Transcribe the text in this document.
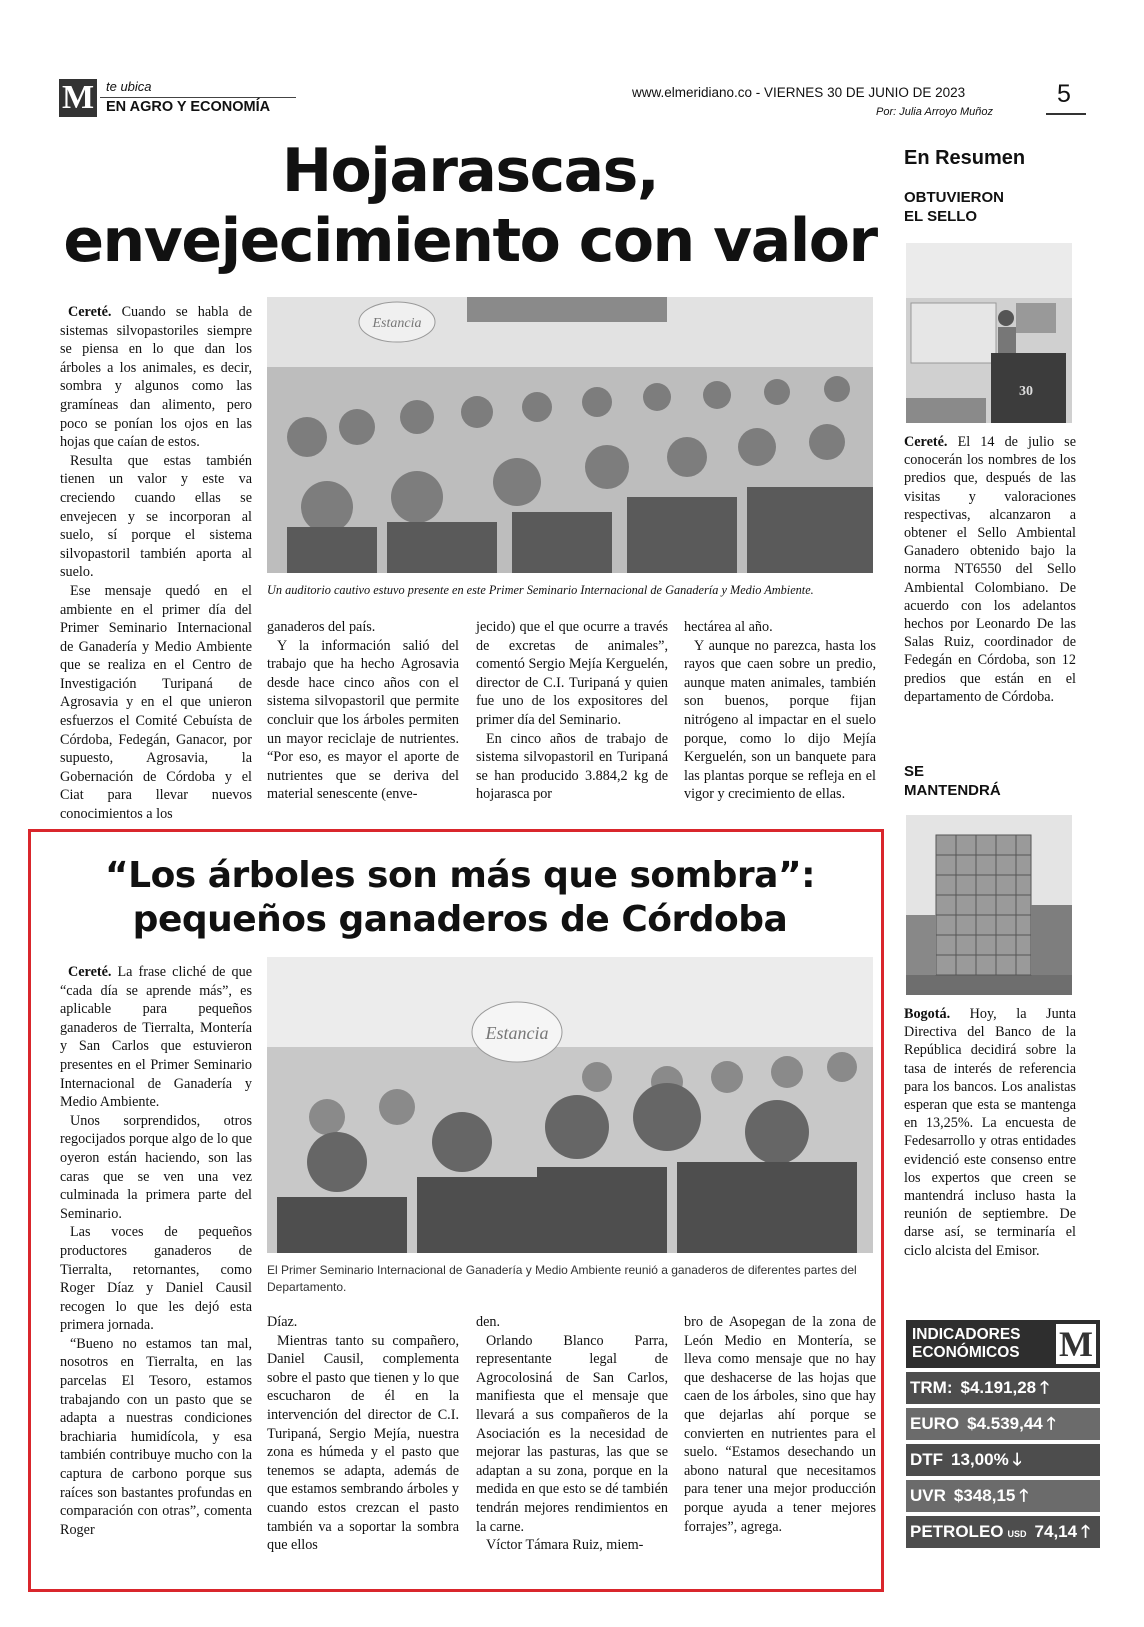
M te ubica
EN AGRO Y ECONOMÍA
www.elmeridiano.co - VIERNES 30 DE JUNIO DE 2023
Por: Julia Arroyo Muñoz
5
Hojarascas,
envejecimiento con valor
Estancia
Un auditorio cautivo estuvo presente en este Primer Seminario Internacional de Ganadería y Medio Ambiente.

Cereté. Cuando se habla de sistemas silvopastoriles siempre se piensa en lo que dan los árboles a los animales, es decir, sombra y algunos como las gramíneas dan alimento, pero poco se ponían los ojos en las hojas que caían de estos.

Resulta que estas también tienen un valor y este va creciendo cuando ellas se envejecen y se incorporan al suelo, sí porque el sistema silvopastoril también aporta al suelo.

Ese mensaje quedó en el ambiente en el primer día del Primer Seminario Internacional de Ganadería y Medio Ambiente que se realiza en el Centro de Investigación Turipaná de Agrosavia y en el que unieron esfuerzos el Comité Cebuísta de Córdoba, Fedegán, Ganacor, por supuesto, Agrosavia, la Gobernación de Córdoba y el Ciat para llevar nuevos conocimientos a los

ganaderos del país.

Y la información salió del trabajo que ha hecho Agrosavia desde hace cinco años con el sistema silvopastoril que permite concluir que los árboles permiten un mayor reciclaje de nutrientes. “Por eso, es mayor el aporte de nutrientes que se deriva del material senescente (enve-

jecido) que el que ocurre a través de excretas de animales”, comentó Sergio Mejía Kerguelén, director de C.I. Turipaná y quien fue uno de los expositores del primer día del Seminario.

En cinco años de trabajo de sistema silvopastoril en Turipaná se han producido 3.884,2 kg de hojarasca por

hectárea al año.

Y aunque no parezca, hasta los rayos que caen sobre un predio, aunque maten animales, también son buenos, porque fijan nitrógeno al impactar en el suelo porque, como lo dijo Mejía Kerguelén, son un banquete para las plantas porque se refleja en el vigor y crecimiento de ellas.

“Los árboles son más que sombra”:
pequeños ganaderos de Córdoba
Estancia
El Primer Seminario Internacional de Ganadería y Medio Ambiente reunió a ganaderos de diferentes partes del Departamento.

Cereté. La frase cliché de que “cada día se aprende más”, es aplicable para pequeños ganaderos de Tierralta, Montería y San Carlos que estuvieron presentes en el Primer Seminario Internacional de Ganadería y Medio Ambiente.

Unos sorprendidos, otros regocijados porque algo de lo que oyeron están haciendo, son las caras que se ven una vez culminada la primera parte del Seminario.

Las voces de pequeños productores ganaderos de Tierralta, retornantes, como Roger Díaz y Daniel Causil recogen lo que les dejó esta primera jornada.

“Bueno no estamos tan mal, nosotros en Tierralta, en las parcelas El Tesoro, estamos trabajando con un pasto que se adapta a nuestras condiciones brachiaria humidícola, y esa también contribuye mucho con la captura de carbono porque sus raíces son bastantes profundas en comparación con otras”, comenta Roger

Díaz.

Mientras tanto su compañero, Daniel Causil, complementa sobre el pasto que tienen y lo que escucharon de él en la intervención del director de C.I. Turipaná, Sergio Mejía, nuestra zona es húmeda y el pasto que tenemos se adapta, además de que estamos sembrando árboles y cuando estos crezcan el pasto también va a soportar la sombra que ellos

den.

Orlando Blanco Parra, representante legal de Agrocolosiná de San Carlos, manifiesta que el mensaje que llevará a sus compañeros de la Asociación es la necesidad de mejorar las pasturas, las que se adaptan a su zona, porque en la medida en que esto se dé también tendrán mejores rendimientos en la carne.

Víctor Támara Ruiz, miem-

bro de Asopegan de la zona de León Medio en Montería, se lleva como mensaje que no hay que deshacerse de las hojas que caen de los árboles, sino que hay que dejarlas ahí porque se convierten en nutrientes para el suelo. “Estamos desechando un abono natural que necesitamos para tener una mejor producción porque ayuda a tener mejores forrajes”, agrega.

En Resumen
OBTUVIERON
EL SELLO
30
Cereté. El 14 de julio se conocerán los nombres de los predios que, después de las visitas y valoraciones respectivas, alcanzaron a obtener el Sello Ambiental Ganadero obtenido bajo la norma NT6550 del Sello Ambiental Colombiano. De acuerdo con los adelantos hechos por Leonardo De las Salas Ruiz, coordinador de Fedegán en Córdoba, son 12 predios que están en el departamento de Córdoba.
SE
MANTENDRÁ
Bogotá. Hoy, la Junta Directiva del Banco de la República decidirá sobre la tasa de interés de referencia para los bancos. Los analistas esperan que esta se mantenga en 13,25%. La encuesta de Fedesarrollo y otras entidades evidenció este consenso entre los expertos que creen se mantendrá incluso hasta la reunión de septiembre. De darse así, se terminaría el ciclo alcista del Emisor.
INDICADORES
ECONÓMICOS M
TRM: $4.191,28 🡑
EURO $4.539,44 🡑
DTF 13,00% 🡓
UVR $348,15 🡑
PETROLEO USD 74,14 🡑
